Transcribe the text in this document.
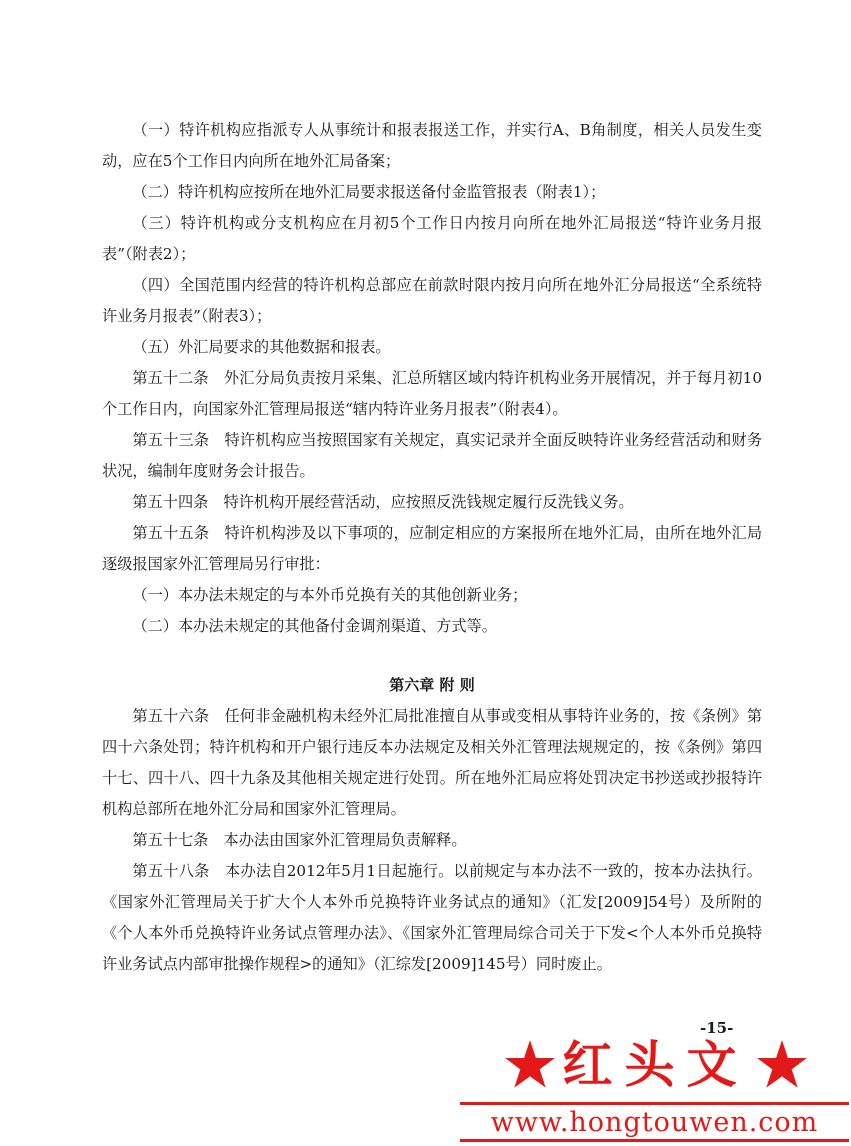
（一）特许机构应指派专人从事统计和报表报送工作，并实行A、B角制度，相关人员发生变动，应在5个工作日内向所在地外汇局备案；

（二）特许机构应按所在地外汇局要求报送备付金监管报表（附表1）；

（三）特许机构或分支机构应在月初5个工作日内按月向所在地外汇局报送“特许业务月报表”（附表2）；

（四）全国范围内经营的特许机构总部应在前款时限内按月向所在地外汇分局报送“全系统特许业务月报表”（附表3）；

（五）外汇局要求的其他数据和报表。

第五十二条　外汇分局负责按月采集、汇总所辖区域内特许机构业务开展情况，并于每月初10个工作日内，向国家外汇管理局报送“辖内特许业务月报表”（附表4）。

第五十三条　特许机构应当按照国家有关规定，真实记录并全面反映特许业务经营活动和财务状况，编制年度财务会计报告。

第五十四条　特许机构开展经营活动，应按照反洗钱规定履行反洗钱义务。

第五十五条　特许机构涉及以下事项的，应制定相应的方案报所在地外汇局，由所在地外汇局逐级报国家外汇管理局另行审批：

（一）本办法未规定的与本外币兑换有关的其他创新业务；

（二）本办法未规定的其他备付金调剂渠道、方式等。

第六章 附 则

第五十六条　任何非金融机构未经外汇局批准擅自从事或变相从事特许业务的，按《条例》第四十六条处罚；特许机构和开户银行违反本办法规定及相关外汇管理法规规定的，按《条例》第四十七、四十八、四十九条及其他相关规定进行处罚。所在地外汇局应将处罚决定书抄送或抄报特许机构总部所在地外汇分局和国家外汇管理局。

第五十七条　本办法由国家外汇管理局负责解释。

第五十八条　本办法自2012年5月1日起施行。以前规定与本办法不一致的，按本办法执行。《国家外汇管理局关于扩大个人本外币兑换特许业务试点的通知》（汇发[2009]54号）及所附的《个人本外币兑换特许业务试点管理办法》、《国家外汇管理局综合司关于下发<个人本外币兑换特许业务试点内部审批操作规程>的通知》（汇综发[2009]145号）同时废止。

-15-
红头文
www.hongtouwen.com
